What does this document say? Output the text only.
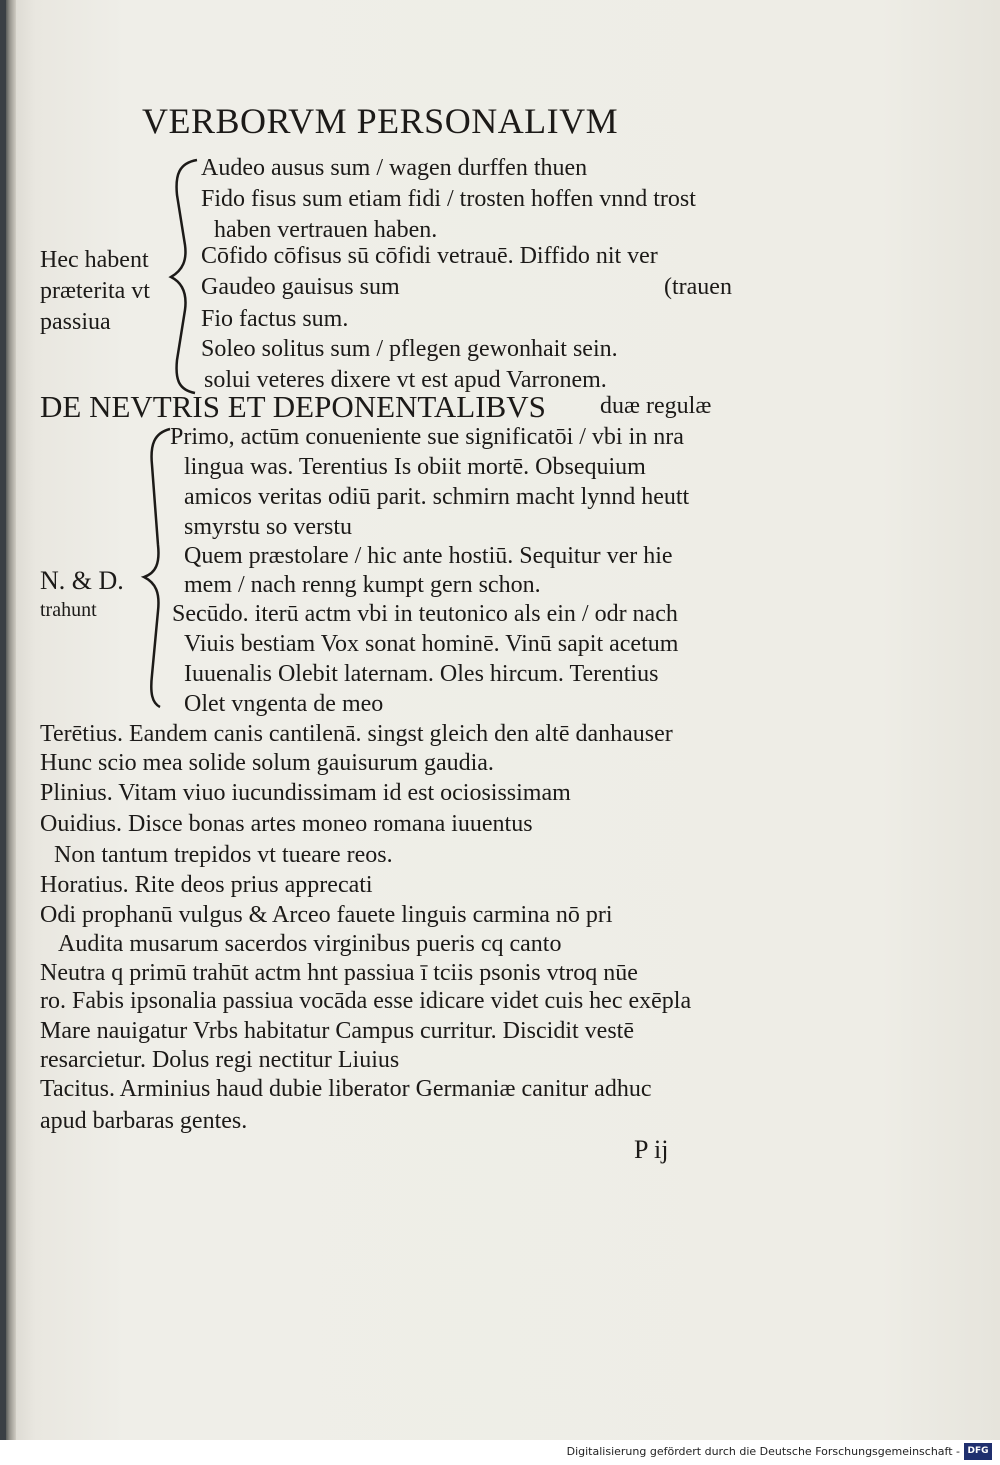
VERBORVM PERSONALIVM
Audeo ausus sum / wagen durffen thuen
Fido fisus sum etiam fidi / trosten hoffen vnnd trost
haben vertrauen haben.
Cōfido cōfisus sū cōfidi vetrauē. Diffido nit ver
Gaudeo gauisus sum	(trauen
Fio factus sum.
Soleo solitus sum / pflegen gewonhait sein.
solui veteres dixere vt est apud Varronem.
Hec habent
præterita vt
passiua
DE NEVTRIS ET DEPONENTALIBVS duæ regulæ
Primo, actūm conueniente sue significatōi / vbi in nra
lingua was. Terentius Is obiit mortē. Obsequium
amicos veritas odiū parit. schmirn macht lynnd heutt
smyrstu so verstu
Quem præstolare / hic ante hostiū. Sequitur ver hie
mem / nach renng kumpt gern schon.
Secūdo. iterū actm vbi in teutonico als ein / odr nach
Viuis bestiam Vox sonat hominē. Vinū sapit acetum
Iuuenalis Olebit laternam. Oles hircum. Terentius
Olet vngenta de meo
N. & D.
trahunt
Terētius. Eandem canis cantilenā. singst gleich den altē danhauser
Hunc scio mea solide solum gauisurum gaudia.
Plinius. Vitam viuo iucundissimam id est ociosissimam
Ouidius. Disce bonas artes moneo romana iuuentus
Non tantum trepidos vt tueare reos.
Horatius. Rite deos prius apprecati
Odi prophanū vulgus & Arceo fauete linguis carmina nō pri
Audita musarum sacerdos virginibus pueris cq canto
Neutra q primū trahūt actm hnt passiua ī tciis psonis vtroq nūe
ro. Fabis ipsonalia passiua vocāda esse idicare videt cuis hec exēpla
Mare nauigatur Vrbs habitatur Campus curritur. Discidit vestē
resarcietur. Dolus regi nectitur Liuius
Tacitus. Arminius haud dubie liberator Germaniæ canitur adhuc
apud barbaras gentes.
P ij
Digitalisierung gefördert durch die Deutsche Forschungsgemeinschaft - DFG
